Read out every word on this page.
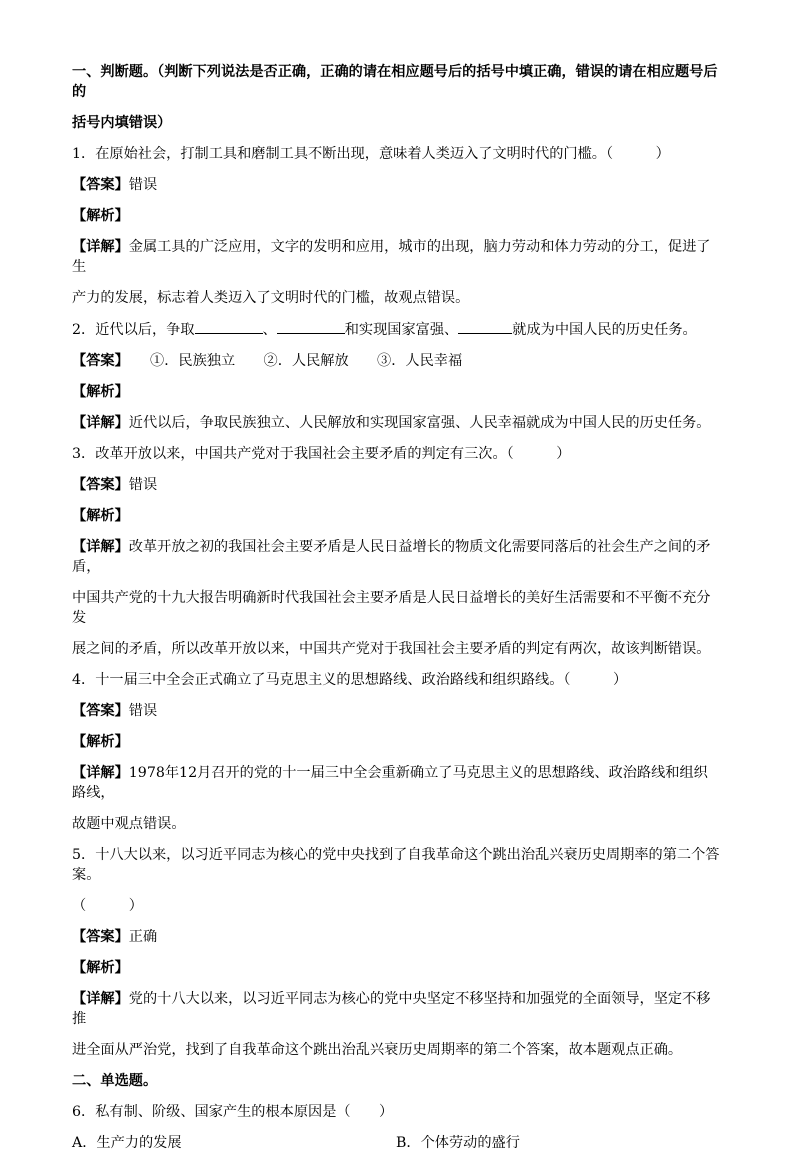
一、判断题。（判断下列说法是否正确，正确的请在相应题号后的括号中填正确，错误的请在相应题号后的
括号内填错误）
1．在原始社会，打制工具和磨制工具不断出现，意味着人类迈入了文明时代的门槛。（　　　）
【答案】错误
【解析】
【详解】金属工具的广泛应用，文字的发明和应用，城市的出现，脑力劳动和体力劳动的分工，促进了生
产力的发展，标志着人类迈入了文明时代的门槛，故观点错误。
2．近代以后，争取	、	和实现国家富强、	就成为中国人民的历史任务。
【答案】　　①．民族独立　　②．人民解放　　③．人民幸福
【解析】
【详解】近代以后，争取民族独立、人民解放和实现国家富强、人民幸福就成为中国人民的历史任务。
3．改革开放以来，中国共产党对于我国社会主要矛盾的判定有三次。（　　　）
【答案】错误
【解析】
【详解】改革开放之初的我国社会主要矛盾是人民日益增长的物质文化需要同落后的社会生产之间的矛盾，
中国共产党的十九大报告明确新时代我国社会主要矛盾是人民日益增长的美好生活需要和不平衡不充分发
展之间的矛盾，所以改革开放以来，中国共产党对于我国社会主要矛盾的判定有两次，故该判断错误。
4．十一届三中全会正式确立了马克思主义的思想路线、政治路线和组织路线。（　　　）
【答案】错误
【解析】
【详解】1978年12月召开的党的十一届三中全会重新确立了马克思主义的思想路线、政治路线和组织路线，
故题中观点错误。
5．十八大以来，以习近平同志为核心的党中央找到了自我革命这个跳出治乱兴衰历史周期率的第二个答案。
（　　　）
【答案】正确
【解析】
【详解】党的十八大以来，以习近平同志为核心的党中央坚定不移坚持和加强党的全面领导，坚定不移推
进全面从严治党，找到了自我革命这个跳出治乱兴衰历史周期率的第二个答案，故本题观点正确。
二、单选题。
6．私有制、阶级、国家产生的根本原因是（　　）
A．生产力的发展	B．个体劳动的盛行
